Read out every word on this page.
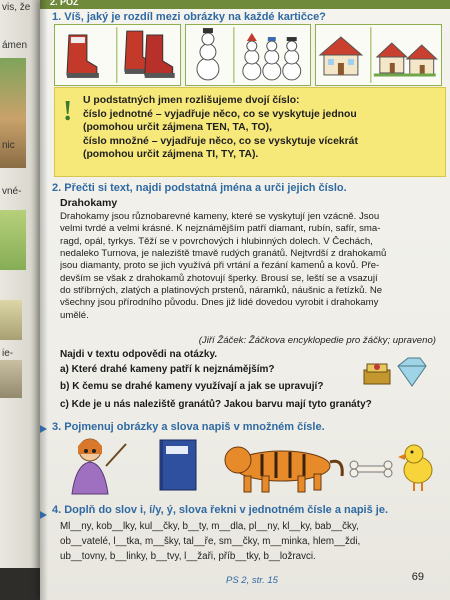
vis, že
ámen
nic
vné-
ie-
2. POZ
1. Víš, jaký je rozdíl mezi obrázky na každé kartičce?
! U podstatných jmen rozlišujeme dvojí číslo:
číslo jednotné – vyjadřuje něco, co se vyskytuje jednou
(pomohou určit zájmena TEN, TA, TO),
číslo množné – vyjadřuje něco, co se vyskytuje vícekrát
(pomohou určit zájmena TI, TY, TA).
2. Přečti si text, najdi podstatná jména a urči jejich číslo.
Drahokamy
Drahokamy jsou různobarevné kameny, které se vyskytují jen vzácně. Jsou
velmi tvrdé a velmi krásné. K nejznámějším patří diamant, rubín, safír, sma-
ragd, opál, tyrkys. Těží se v povrchových i hlubinných dolech. V Čechách,
nedaleko Turnova, je naleziště tmavě rudých granátů. Nejtvrdší z drahokamů
jsou diamanty, proto se jich využívá při vrtání a řezání kamenů a kovů. Pře-
devším se však z drahokamů zhotovují šperky. Brousí se, leští se a vsazují
do stříbrných, zlatých a platinových prstenů, náramků, náušnic a řetízků. Ne
všechny jsou přírodního původu. Dnes již lidé dovedou vyrobit i drahokamy
umělé.
(Jiří Žáček: Žáčkova encyklopedie pro žáčky; upraveno)
Najdi v textu odpovědi na otázky.
a) Které drahé kameny patří k nejznámějším?
b) K čemu se drahé kameny využívají a jak se upravují?
c) Kde je u nás naleziště granátů? Jakou barvu mají tyto granáty?
3. Pojmenuj obrázky a slova napiš v množném čísle.
4. Doplň do slov i, í/y, ý, slova řekni v jednotném čísle a napiš je.
Ml__ny, kob__lky, kul__čky, b__ty, m__dla, pl__ny, kl__ky, bab__čky,
ob__vatelé, l__tka, m__šky, tal__ře, sm__čky, m__minka, hlem__ždi,
ub__tovny, b__linky, b__tvy, l__žaři, příb__tky, b__ložravci.
PS 2, str. 15	69
